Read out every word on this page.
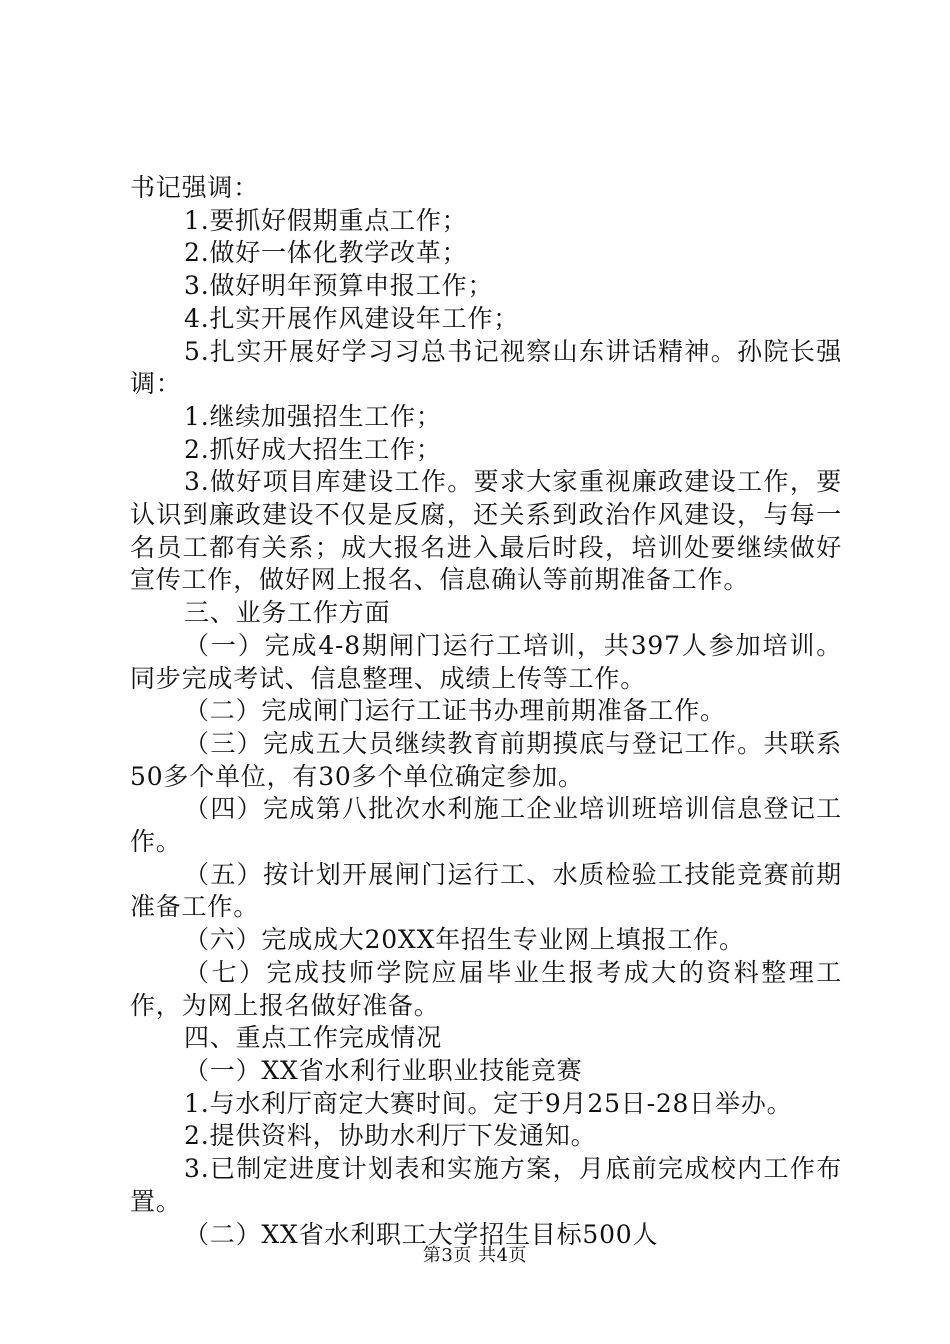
书记强调：

1.要抓好假期重点工作；

2.做好一体化教学改革；

3.做好明年预算申报工作；

4.扎实开展作风建设年工作；

5.扎实开展好学习习总书记视察山东讲话精神。孙院长强调：

1.继续加强招生工作；

2.抓好成大招生工作；

3.做好项目库建设工作。要求大家重视廉政建设工作，要认识到廉政建设不仅是反腐，还关系到政治作风建设，与每一名员工都有关系；成大报名进入最后时段，培训处要继续做好宣传工作，做好网上报名、信息确认等前期准备工作。

三、业务工作方面

（一）完成4-8期闸门运行工培训，共397人参加培训。同步完成考试、信息整理、成绩上传等工作。

（二）完成闸门运行工证书办理前期准备工作。

（三）完成五大员继续教育前期摸底与登记工作。共联系50多个单位，有30多个单位确定参加。

（四）完成第八批次水利施工企业培训班培训信息登记工作。

（五）按计划开展闸门运行工、水质检验工技能竞赛前期准备工作。

（六）完成成大20XX年招生专业网上填报工作。

（七）完成技师学院应届毕业生报考成大的资料整理工作，为网上报名做好准备。

四、重点工作完成情况

（一）XX省水利行业职业技能竞赛

1.与水利厅商定大赛时间。定于9月25日-28日举办。

2.提供资料，协助水利厅下发通知。

3.已制定进度计划表和实施方案，月底前完成校内工作布置。

（二）XX省水利职工大学招生目标500人

第3页 共4页
